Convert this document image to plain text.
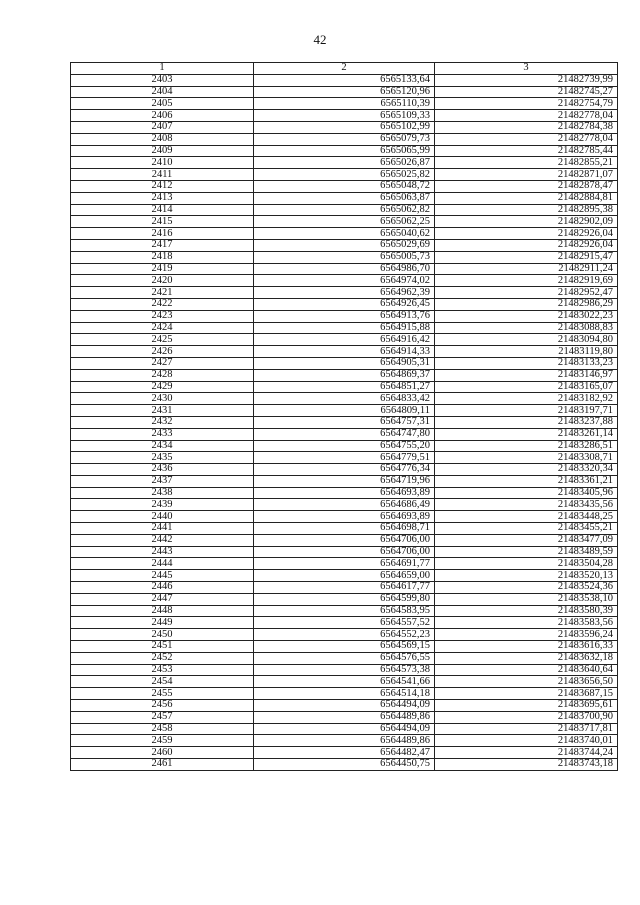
42
1	2	3
2403	6565133,64	21482739,99
2404	6565120,96	21482745,27
2405	6565110,39	21482754,79
2406	6565109,33	21482778,04
2407	6565102,99	21482784,38
2408	6565079,73	21482778,04
2409	6565065,99	21482785,44
2410	6565026,87	21482855,21
2411	6565025,82	21482871,07
2412	6565048,72	21482878,47
2413	6565063,87	21482884,81
2414	6565062,82	21482895,38
2415	6565062,25	21482902,09
2416	6565040,62	21482926,04
2417	6565029,69	21482926,04
2418	6565005,73	21482915,47
2419	6564986,70	21482911,24
2420	6564974,02	21482919,69
2421	6564962,39	21482952,47
2422	6564926,45	21482986,29
2423	6564913,76	21483022,23
2424	6564915,88	21483088,83
2425	6564916,42	21483094,80
2426	6564914,33	21483119,80
2427	6564905,31	21483133,23
2428	6564869,37	21483146,97
2429	6564851,27	21483165,07
2430	6564833,42	21483182,92
2431	6564809,11	21483197,71
2432	6564757,31	21483237,88
2433	6564747,80	21483261,14
2434	6564755,20	21483286,51
2435	6564779,51	21483308,71
2436	6564776,34	21483320,34
2437	6564719,96	21483361,21
2438	6564693,89	21483405,96
2439	6564686,49	21483435,56
2440	6564693,89	21483448,25
2441	6564698,71	21483455,21
2442	6564706,00	21483477,09
2443	6564706,00	21483489,59
2444	6564691,77	21483504,28
2445	6564659,00	21483520,13
2446	6564617,77	21483524,36
2447	6564599,80	21483538,10
2448	6564583,95	21483580,39
2449	6564557,52	21483583,56
2450	6564552,23	21483596,24
2451	6564569,15	21483616,33
2452	6564576,55	21483632,18
2453	6564573,38	21483640,64
2454	6564541,66	21483656,50
2455	6564514,18	21483687,15
2456	6564494,09	21483695,61
2457	6564489,86	21483700,90
2458	6564494,09	21483717,81
2459	6564489,86	21483740,01
2460	6564482,47	21483744,24
2461	6564450,75	21483743,18
